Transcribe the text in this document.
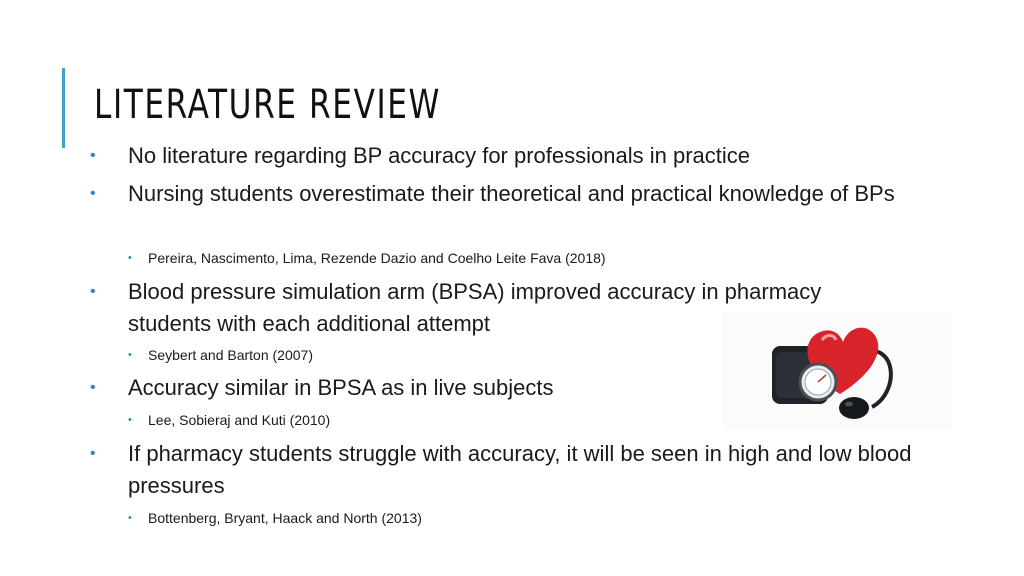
LITERATURE REVIEW
• No literature regarding BP accuracy for professionals in practice
• Nursing students overestimate their theoretical and practical knowledge of BPs
• Pereira, Nascimento, Lima, Rezende Dazio and Coelho Leite Fava (2018)
• Blood pressure simulation arm (BPSA) improved accuracy in pharmacy students with each additional attempt
• Seybert and Barton (2007)
• Accuracy similar in BPSA as in live subjects
• Lee, Sobieraj and Kuti (2010)
• If pharmacy students struggle with accuracy, it will be seen in high and low blood pressures
• Bottenberg, Bryant, Haack and North (2013)
